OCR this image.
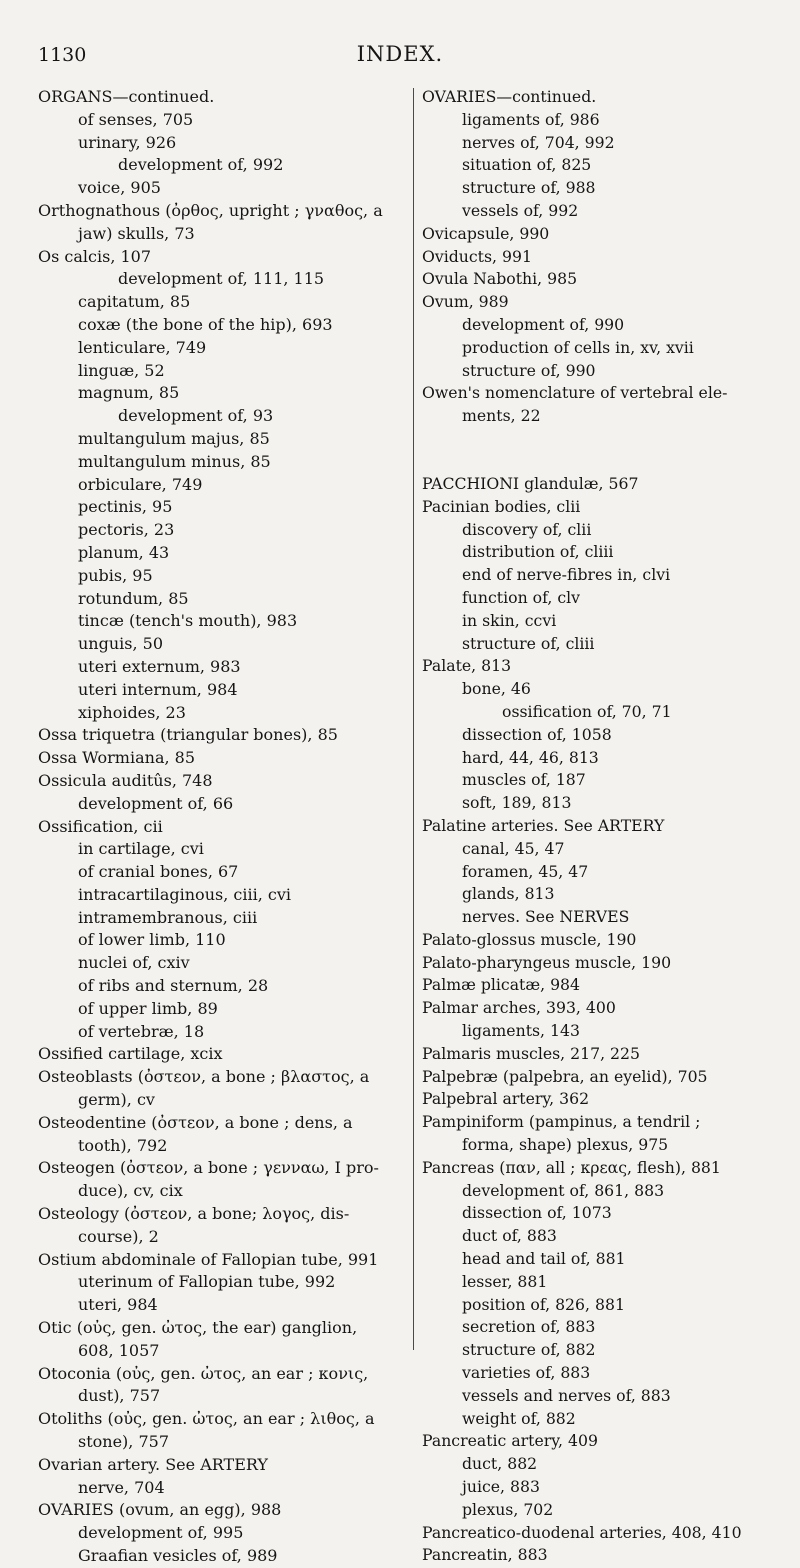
1130	INDEX.
ORGANS—continued.
of senses, 705
urinary, 926
development of, 992
voice, 905
Orthognathous (ὀρθος, upright ; γναθος, a
jaw) skulls, 73
Os calcis, 107
development of, 111, 115
capitatum, 85
coxæ (the bone of the hip), 693
lenticulare, 749
linguæ, 52
magnum, 85
development of, 93
multangulum majus, 85
multangulum minus, 85
orbiculare, 749
pectinis, 95
pectoris, 23
planum, 43
pubis, 95
rotundum, 85
tincæ (tench's mouth), 983
unguis, 50
uteri externum, 983
uteri internum, 984
xiphoides, 23
Ossa triquetra (triangular bones), 85
Ossa Wormiana, 85
Ossicula auditûs, 748
development of, 66
Ossification, cii
in cartilage, cvi
of cranial bones, 67
intracartilaginous, ciii, cvi
intramembranous, ciii
of lower limb, 110
nuclei of, cxiv
of ribs and sternum, 28
of upper limb, 89
of vertebræ, 18
Ossified cartilage, xcix
Osteoblasts (ὀστεον, a bone ; βλαστος, a
germ), cv
Osteodentine (ὀστεον, a bone ; dens, a
tooth), 792
Osteogen (ὀστεον, a bone ; γενναω, I pro-
duce), cv, cix
Osteology (ὀστεον, a bone; λογος, dis-
course), 2
Ostium abdominale of Fallopian tube, 991
uterinum of Fallopian tube, 992
uteri, 984
Otic (οὐς, gen. ὠτος, the ear) ganglion,
608, 1057
Otoconia (οὐς, gen. ὠτος, an ear ; κονις,
dust), 757
Otoliths (οὐς, gen. ὠτος, an ear ; λιθος, a
stone), 757
Ovarian artery. See ARTERY
nerve, 704
OVARIES (ovum, an egg), 988
development of, 995
Graafian vesicles of, 989
OVARIES—continued.
ligaments of, 986
nerves of, 704, 992
situation of, 825
structure of, 988
vessels of, 992
Ovicapsule, 990
Oviducts, 991
Ovula Nabothi, 985
Ovum, 989
development of, 990
production of cells in, xv, xvii
structure of, 990
Owen's nomenclature of vertebral ele-
ments, 22
PACCHIONI glandulæ, 567
Pacinian bodies, clii
discovery of, clii
distribution of, cliii
end of nerve-fibres in, clvi
function of, clv
in skin, ccvi
structure of, cliii
Palate, 813
bone, 46
ossification of, 70, 71
dissection of, 1058
hard, 44, 46, 813
muscles of, 187
soft, 189, 813
Palatine arteries. See ARTERY
canal, 45, 47
foramen, 45, 47
glands, 813
nerves. See NERVES
Palato-glossus muscle, 190
Palato-pharyngeus muscle, 190
Palmæ plicatæ, 984
Palmar arches, 393, 400
ligaments, 143
Palmaris muscles, 217, 225
Palpebræ (palpebra, an eyelid), 705
Palpebral artery, 362
Pampiniform (pampinus, a tendril ;
forma, shape) plexus, 975
Pancreas (παν, all ; κρεας, flesh), 881
development of, 861, 883
dissection of, 1073
duct of, 883
head and tail of, 881
lesser, 881
position of, 826, 881
secretion of, 883
structure of, 882
varieties of, 883
vessels and nerves of, 883
weight of, 882
Pancreatic artery, 409
duct, 882
juice, 883
plexus, 702
Pancreatico-duodenal arteries, 408, 410
Pancreatin, 883
